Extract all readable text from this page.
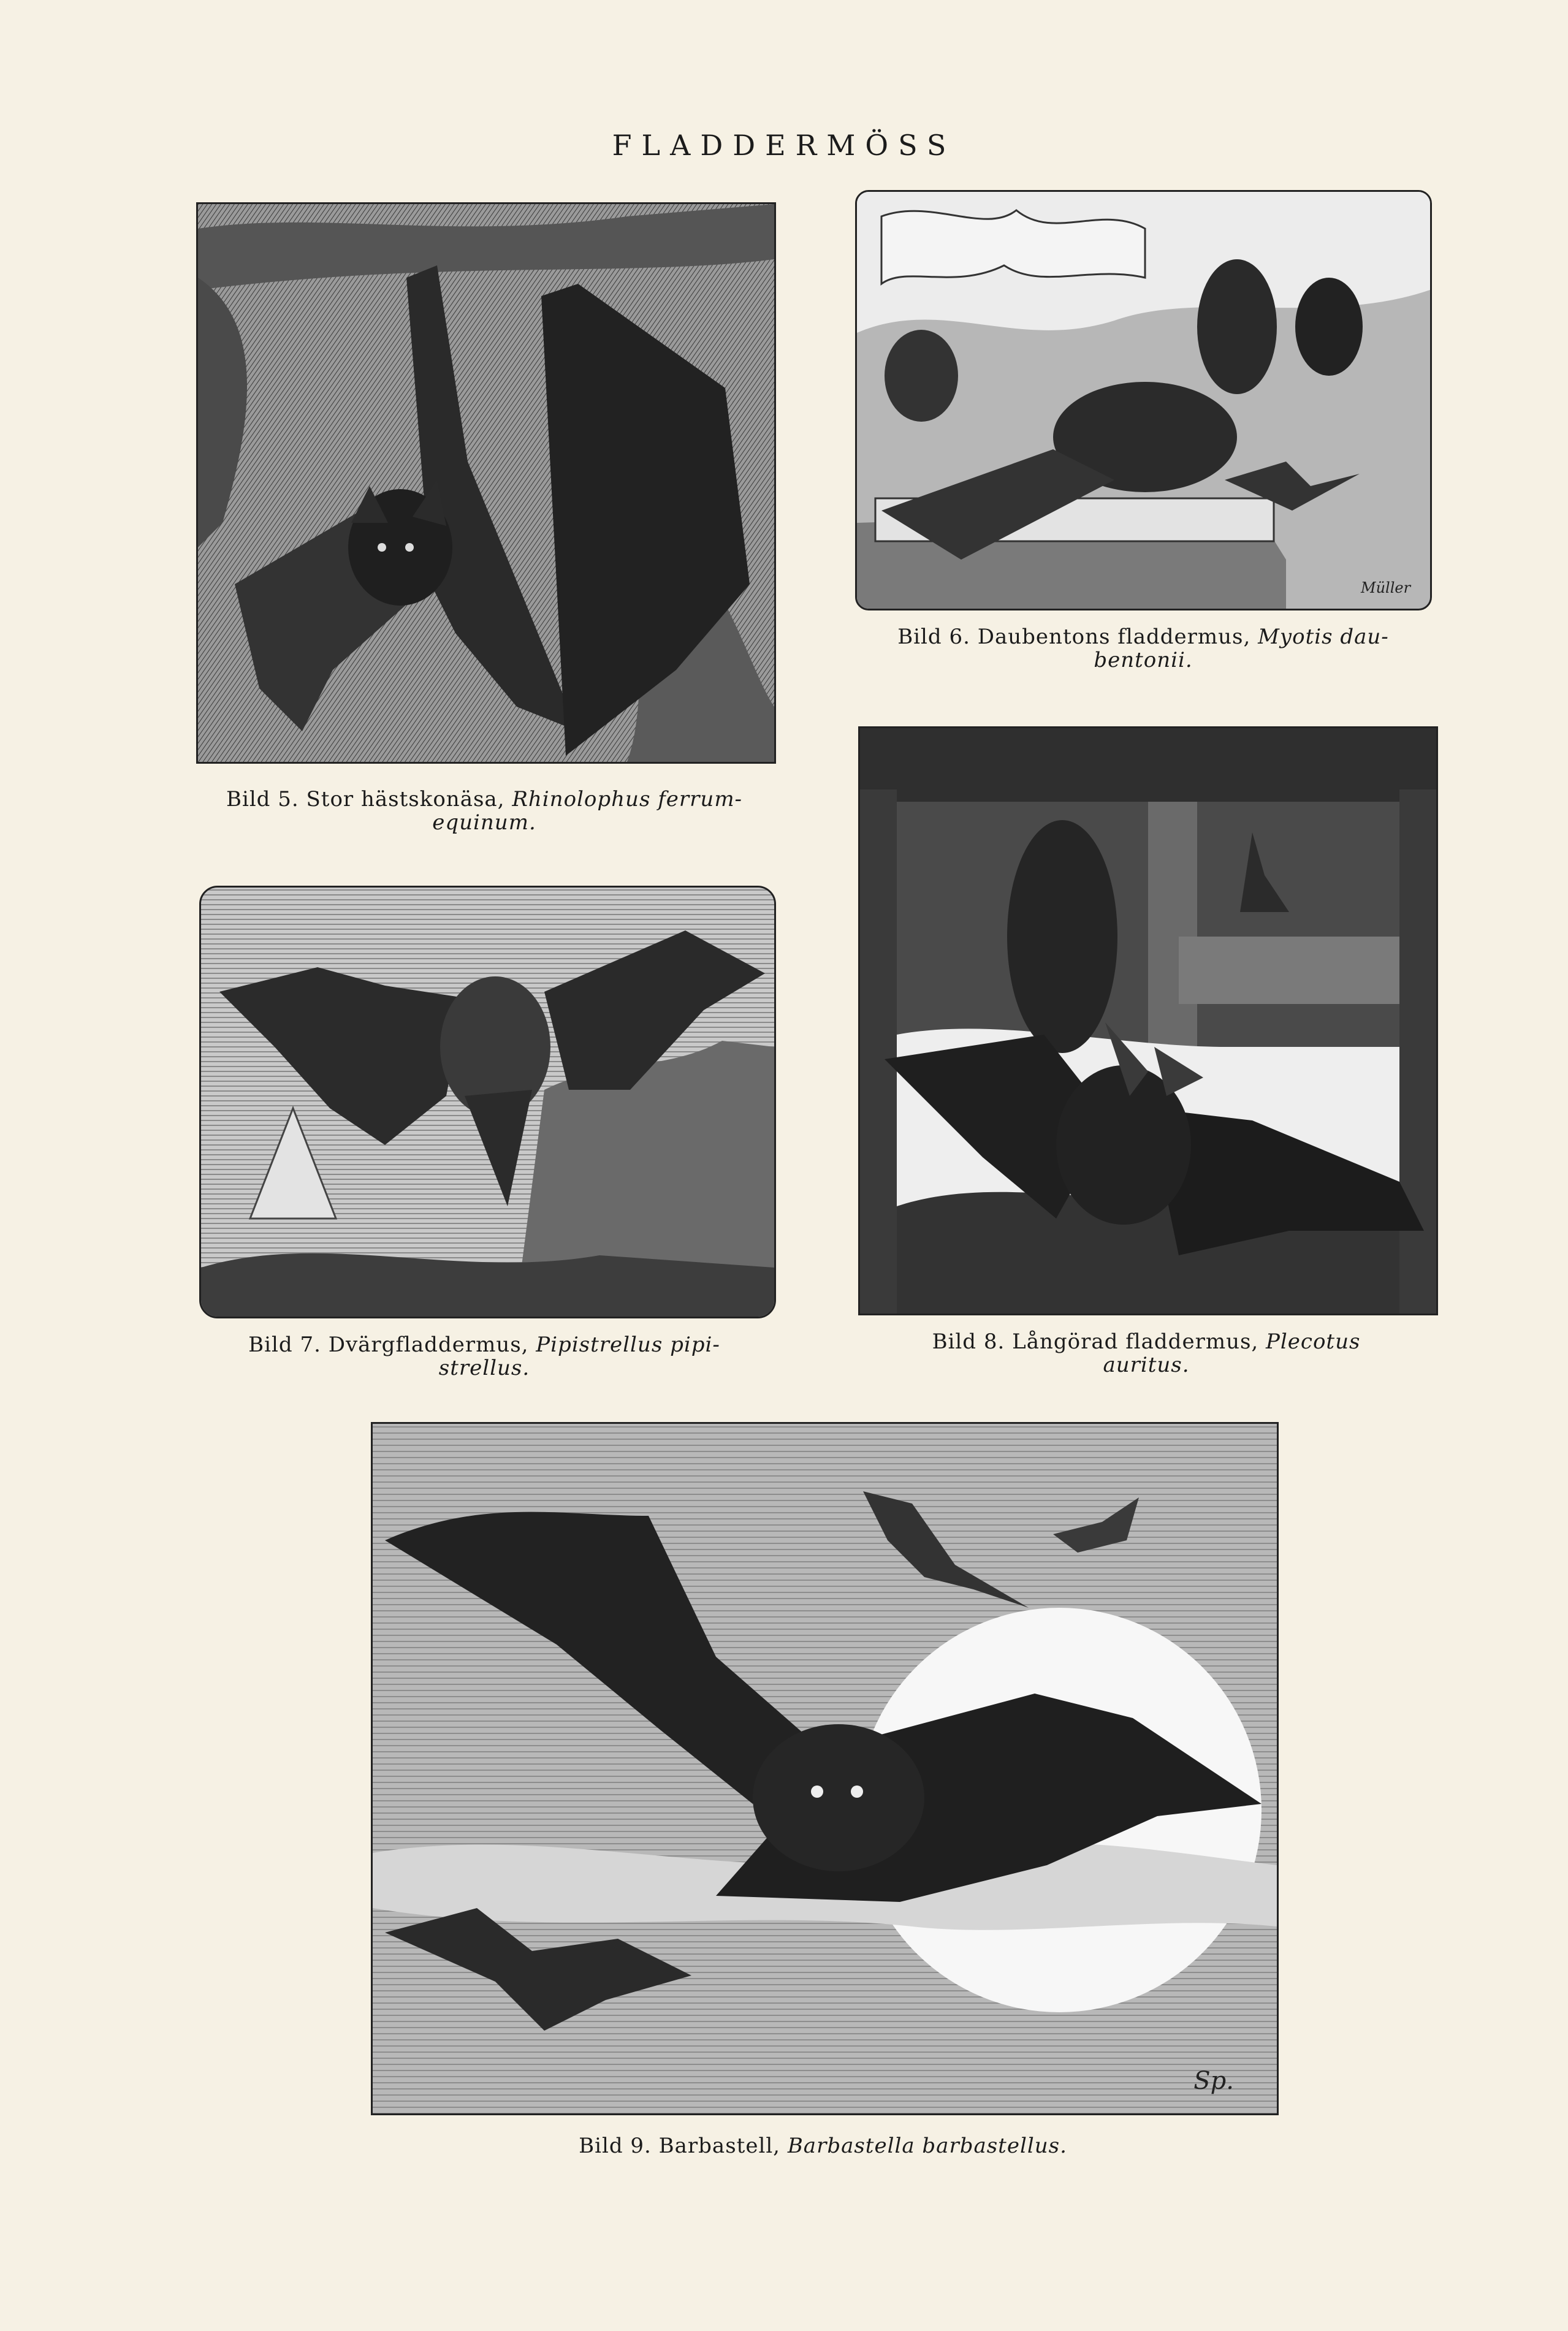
FLADDERMÖSS
Bild 5. Stor hästskonäsa, Rhinolophus ferrum-
equinum.
Bild 6. Daubentons fladdermus, Myotis dau-
bentonii.
Bild 7. Dvärgfladdermus, Pipistrellus pipi-
strellus.
Bild 8. Långörad fladdermus, Plecotus
auritus.
Sp.
Bild 9. Barbastell, Barbastella barbastellus.
Müller
